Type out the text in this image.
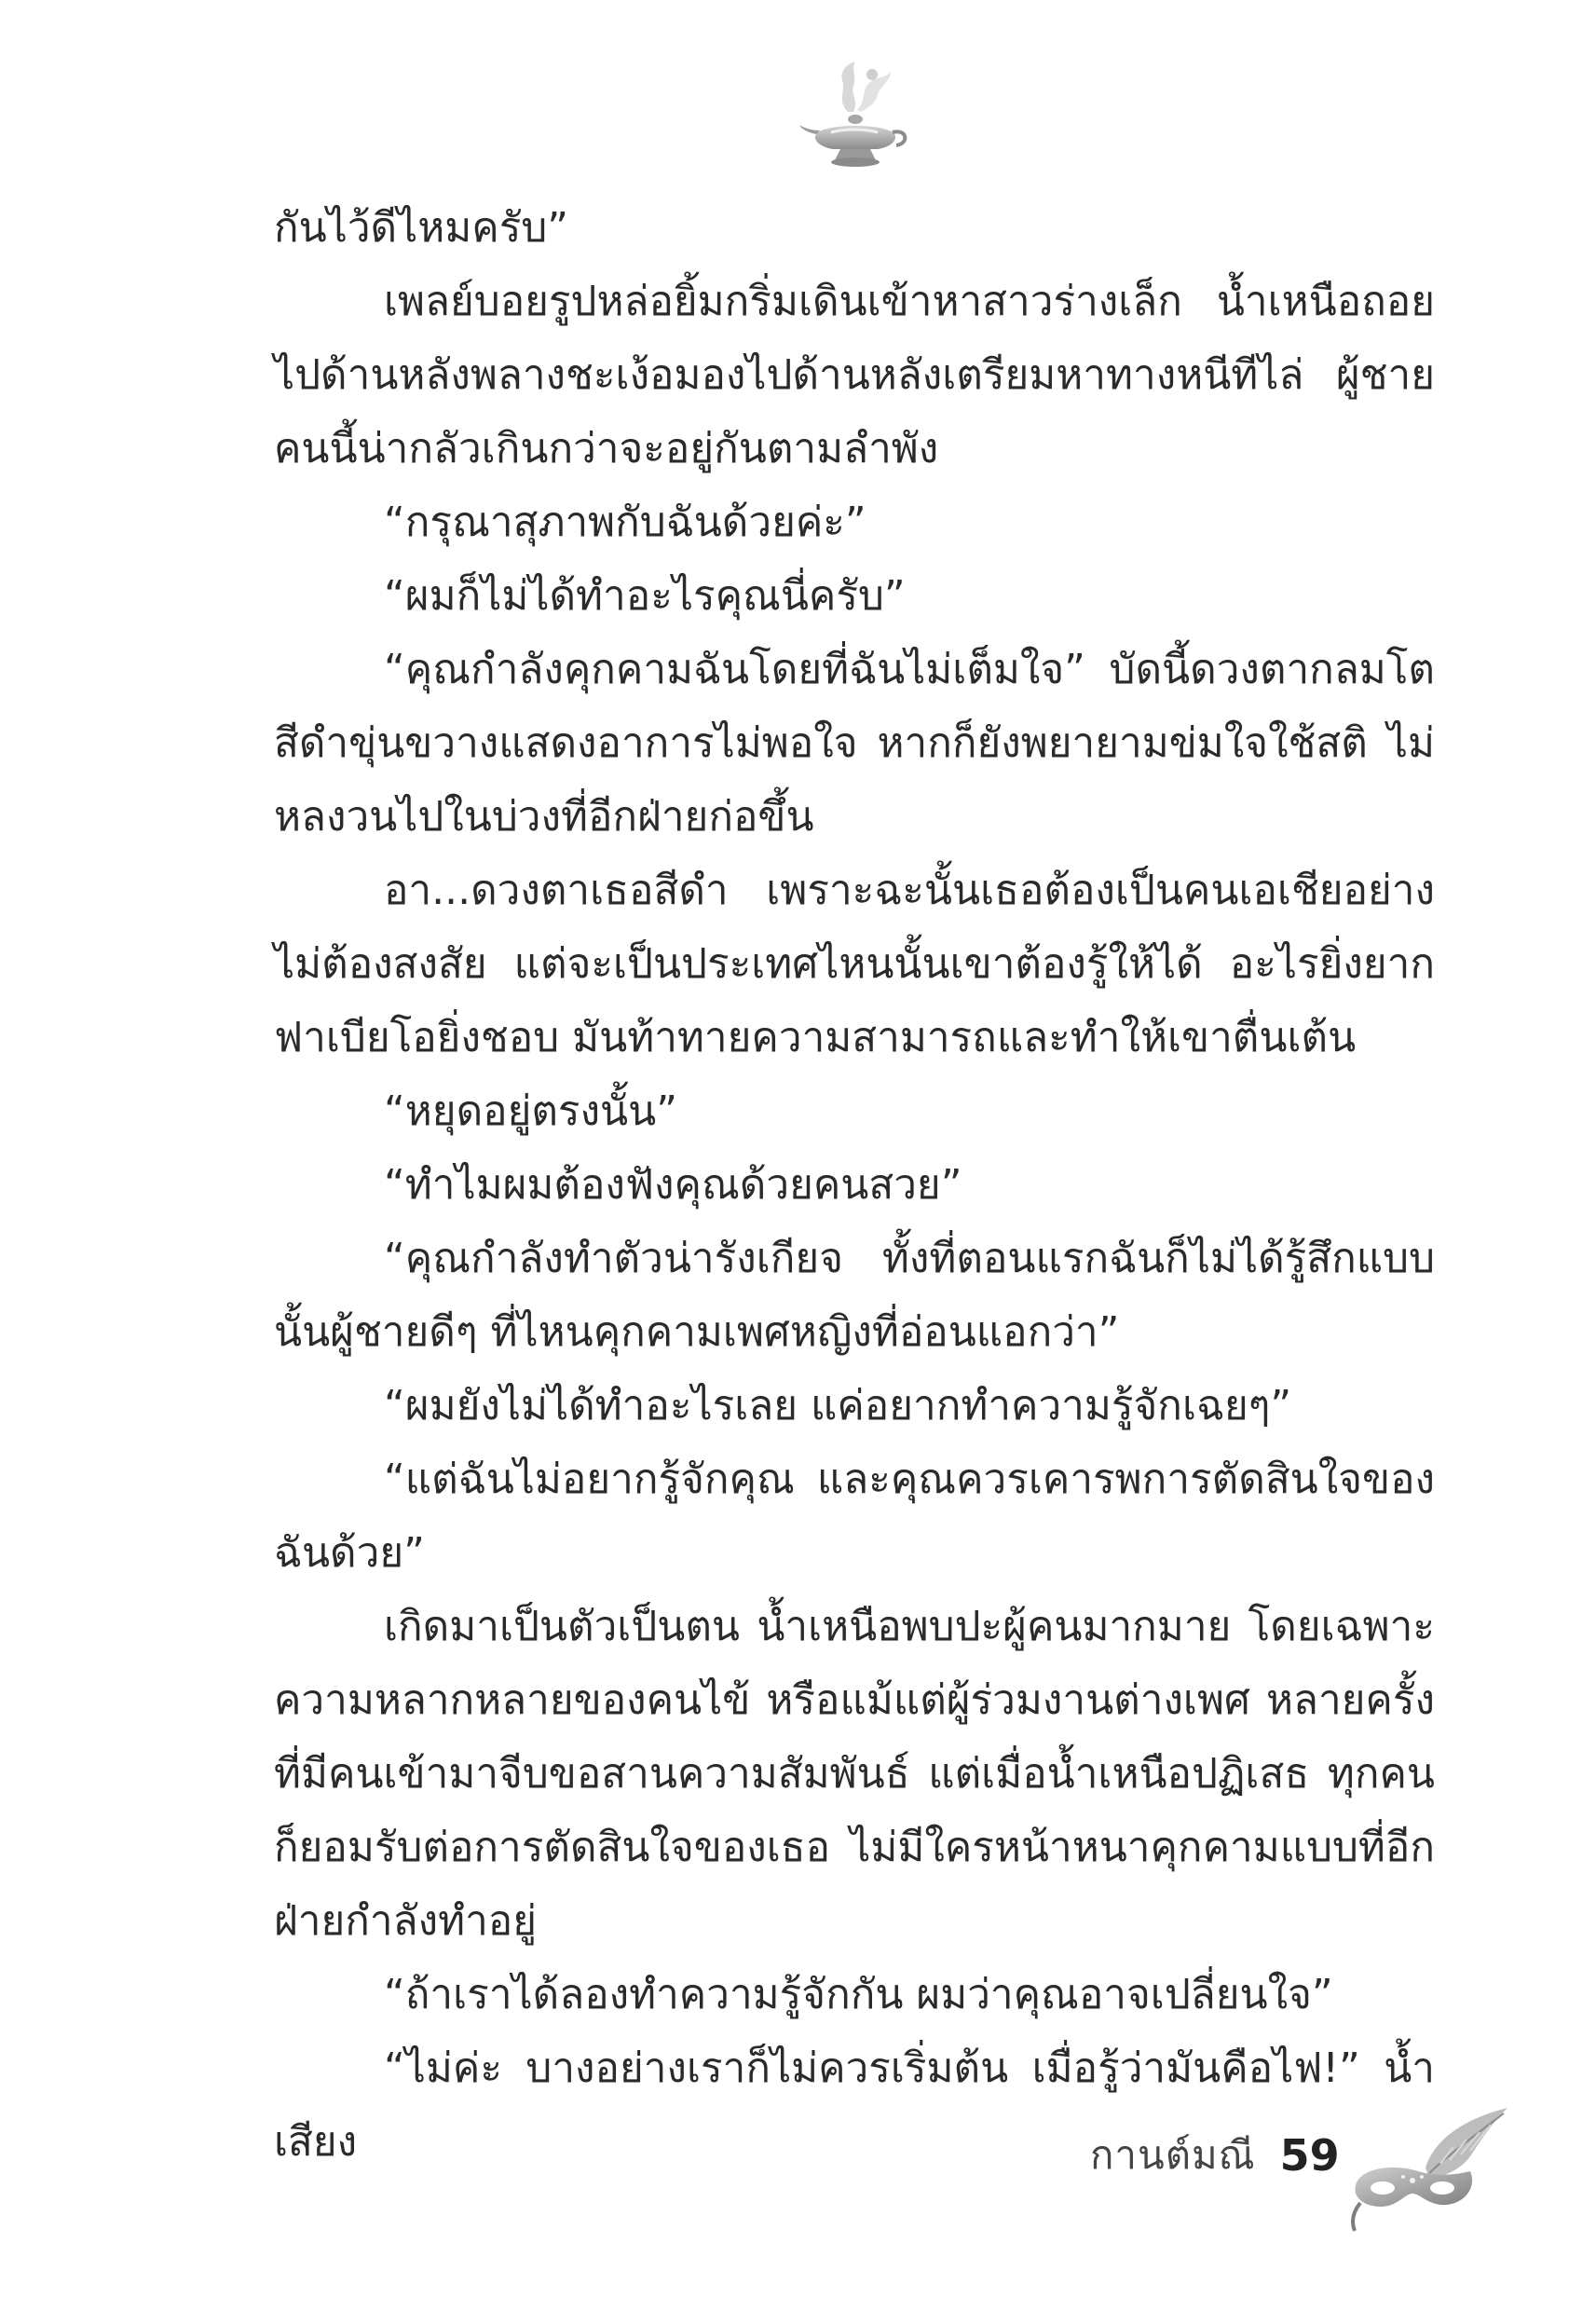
กันไว้ดีไหมครับ”

เพลย์บอยรูปหล่อยิ้มกริ่มเดินเข้าหาสาวร่างเล็ก น้ำเหนือถอยไปด้านหลังพลางชะเง้อมองไปด้านหลังเตรียมหาทางหนีทีไล่ ผู้ชายคนนี้น่ากลัวเกินกว่าจะอยู่กันตามลำพัง

“กรุณาสุภาพกับฉันด้วยค่ะ”

“ผมก็ไม่ได้ทำอะไรคุณนี่ครับ”

“คุณกำลังคุกคามฉันโดยที่ฉันไม่เต็มใจ” บัดนี้ดวงตากลมโตสีดำขุ่นขวางแสดงอาการไม่พอใจ หากก็ยังพยายามข่มใจใช้สติ ไม่หลงวนไปในบ่วงที่อีกฝ่ายก่อขึ้น

อา...ดวงตาเธอสีดำ เพราะฉะนั้นเธอต้องเป็นคนเอเชียอย่างไม่ต้องสงสัย แต่จะเป็นประเทศไหนนั้นเขาต้องรู้ให้ได้ อะไรยิ่งยากฟาเบียโอยิ่งชอบ มันท้าทายความสามารถและทำให้เขาตื่นเต้น

“หยุดอยู่ตรงนั้น”

“ทำไมผมต้องฟังคุณด้วยคนสวย”

“คุณกำลังทำตัวน่ารังเกียจ ทั้งที่ตอนแรกฉันก็ไม่ได้รู้สึกแบบนั้นผู้ชายดีๆ ที่ไหนคุกคามเพศหญิงที่อ่อนแอกว่า”

“ผมยังไม่ได้ทำอะไรเลย แค่อยากทำความรู้จักเฉยๆ”

“แต่ฉันไม่อยากรู้จักคุณ และคุณควรเคารพการตัดสินใจของฉันด้วย”

เกิดมาเป็นตัวเป็นตน น้ำเหนือพบปะผู้คนมากมาย โดยเฉพาะความหลากหลายของคนไข้ หรือแม้แต่ผู้ร่วมงานต่างเพศ หลายครั้งที่มีคนเข้ามาจีบขอสานความสัมพันธ์ แต่เมื่อน้ำเหนือปฏิเสธ ทุกคนก็ยอมรับต่อการตัดสินใจของเธอ ไม่มีใครหน้าหนาคุกคามแบบที่อีกฝ่ายกำลังทำอยู่

“ถ้าเราได้ลองทำความรู้จักกัน ผมว่าคุณอาจเปลี่ยนใจ”

“ไม่ค่ะ บางอย่างเราก็ไม่ควรเริ่มต้น เมื่อรู้ว่ามันคือไฟ!” น้ำเสียง	กานต์มณี 59
